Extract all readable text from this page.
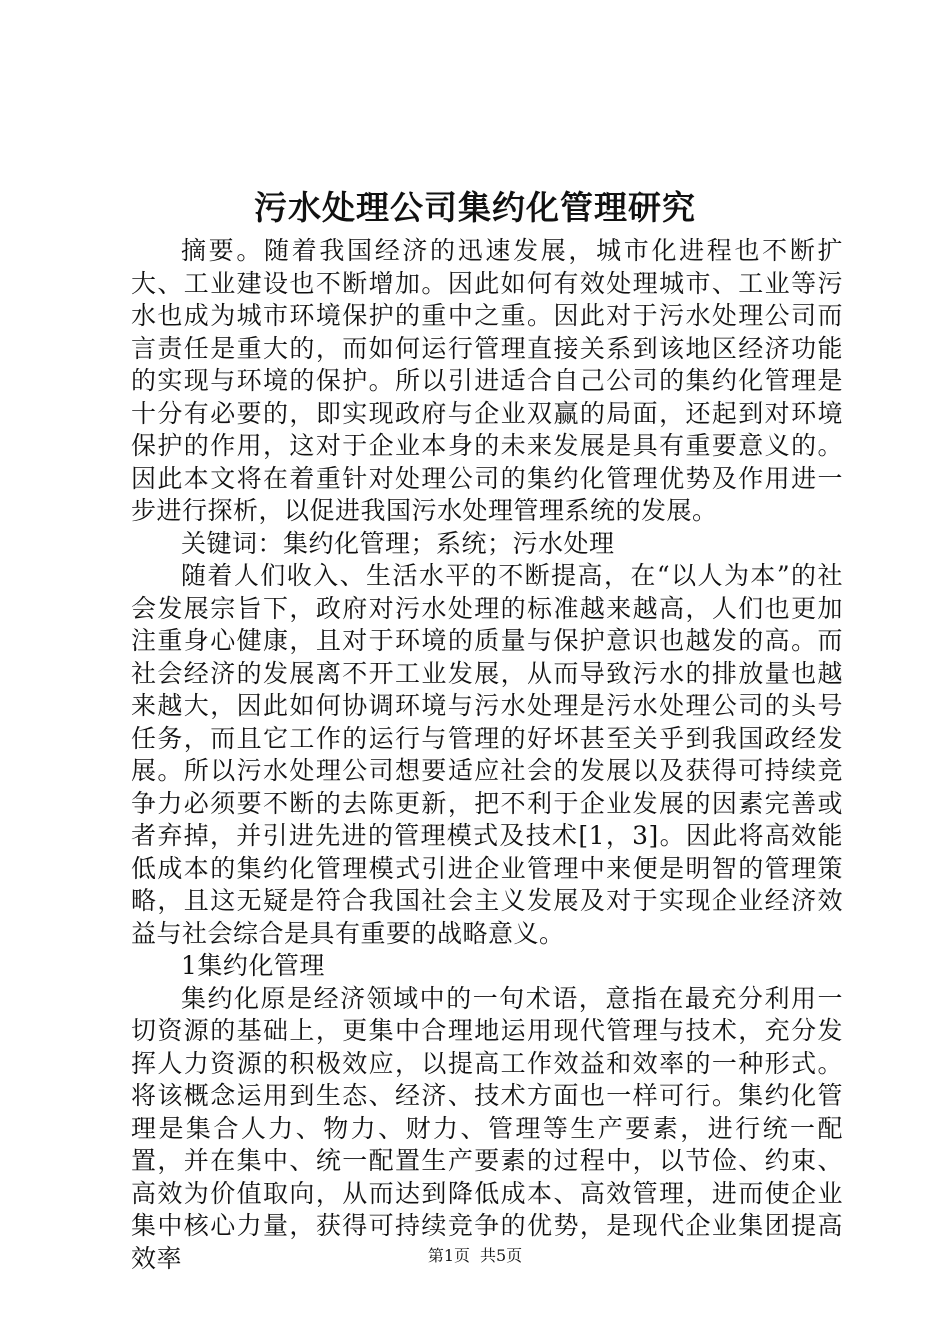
污水处理公司集约化管理研究

摘要。随着我国经济的迅速发展，城市化进程也不断扩大、工业建设也不断增加。因此如何有效处理城市、工业等污水也成为城市环境保护的重中之重。因此对于污水处理公司而言责任是重大的，而如何运行管理直接关系到该地区经济功能的实现与环境的保护。所以引进适合自己公司的集约化管理是十分有必要的，即实现政府与企业双赢的局面，还起到对环境保护的作用，这对于企业本身的未来发展是具有重要意义的。因此本文将在着重针对处理公司的集约化管理优势及作用进一步进行探析，以促进我国污水处理管理系统的发展。

关键词：集约化管理；系统；污水处理

随着人们收入、生活水平的不断提高，在“以人为本”的社会发展宗旨下，政府对污水处理的标准越来越高，人们也更加注重身心健康，且对于环境的质量与保护意识也越发的高。而社会经济的发展离不开工业发展，从而导致污水的排放量也越来越大，因此如何协调环境与污水处理是污水处理公司的头号任务，而且它工作的运行与管理的好坏甚至关乎到我国政经发展。所以污水处理公司想要适应社会的发展以及获得可持续竞争力必须要不断的去陈更新，把不利于企业发展的因素完善或者弃掉，并引进先进的管理模式及技术[1，3]。因此将高效能低成本的集约化管理模式引进企业管理中来便是明智的管理策略，且这无疑是符合我国社会主义发展及对于实现企业经济效益与社会综合是具有重要的战略意义。

1集约化管理

集约化原是经济领域中的一句术语，意指在最充分利用一切资源的基础上，更集中合理地运用现代管理与技术，充分发挥人力资源的积极效应，以提高工作效益和效率的一种形式。将该概念运用到生态、经济、技术方面也一样可行。集约化管理是集合人力、物力、财力、管理等生产要素，进行统一配置，并在集中、统一配置生产要素的过程中，以节俭、约束、高效为价值取向，从而达到降低成本、高效管理，进而使企业集中核心力量，获得可持续竞争的优势，是现代企业集团提高效率	第1页 共5页
